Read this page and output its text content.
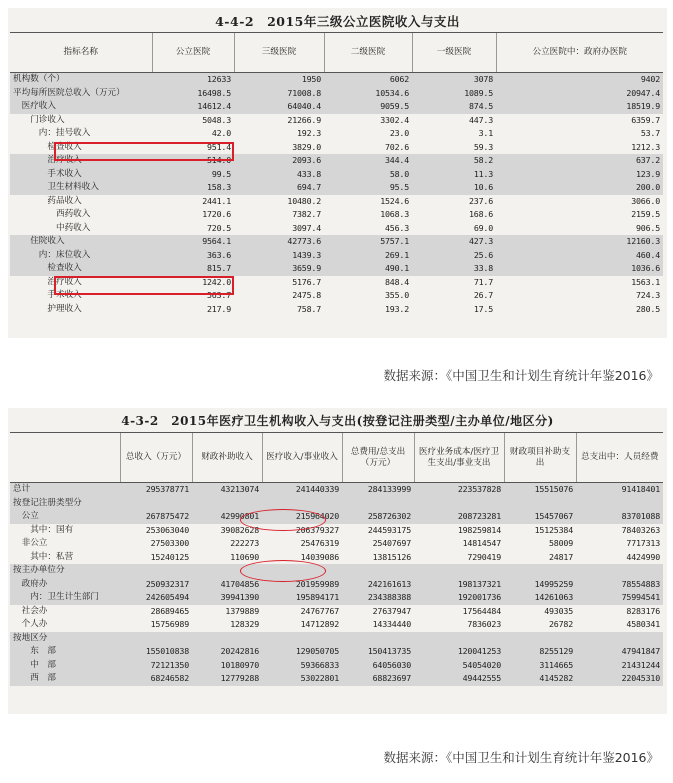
4-4-2　2015年三级公立医院收入与支出
指标名称	公立医院	三级医院	二级医院	一级医院	公立医院中：政府办医院
机构数（个）	12633	1950	6062	3078	9402
平均每所医院总收入（万元）	16498.5	71008.8	10534.6	1089.5	20947.4
　医疗收入	14612.4	64040.4	9059.5	874.5	18519.9
　　门诊收入	5048.3	21266.9	3302.4	447.3	6359.7
　　　内：挂号收入	42.0	192.3	23.0	3.1	53.7
　　　　检查收入	951.4	3829.0	702.6	59.3	1212.3
　　　　治疗收入	514.0	2093.6	344.4	58.2	637.2
　　　　手术收入	99.5	433.8	58.0	11.3	123.9
　　　　卫生材料收入	158.3	694.7	95.5	10.6	200.0
　　　　药品收入	2441.1	10480.2	1524.6	237.6	3066.0
　　　　　西药收入	1720.6	7382.7	1068.3	168.6	2159.5
　　　　　中药收入	720.5	3097.4	456.3	69.0	906.5
　　住院收入	9564.1	42773.6	5757.1	427.3	12160.3
　　　内：床位收入	363.6	1439.3	269.1	25.6	460.4
　　　　检查收入	815.7	3659.9	490.1	33.8	1036.6
　　　　治疗收入	1242.0	5176.7	848.4	71.7	1563.1
　　　　手术收入	563.7	2475.8	355.0	26.7	724.3
　　　　护理收入	217.9	758.7	193.2	17.5	280.5
数据来源：《中国卫生和计划生育统计年鉴2016》
4-3-2　2015年医疗卫生机构收入与支出(按登记注册类型/主办单位/地区分)
	总收入（万元）	财政补助收入	医疗收入/事业收入	总费用/总支出（万元）	医疗业务成本/医疗卫生支出/事业支出	财政项目补助支出	总支出中：人员经费
总计	295378771	43213074	241440339	284133999	223537828	15515076	91418401
按登记注册类型分							
　公立	267875472	42990801	215964020	258726302	208723281	15457067	83701088
　　其中：国有	253063040	39082628	206379327	244593175	198259814	15125384	78403263
　非公立	27503300	222273	25476319	25407697	14814547	58009	7717313
　　其中：私营	15240125	110690	14039086	13815126	7290419	24817	4424990
按主办单位分							
　政府办	250932317	41704856	201959989	242161613	198137321	14995259	78554883
　　内：卫生计生部门	242605494	39941390	195894171	234388388	192001736	14261063	75994541
　社会办	28689465	1379889	24767767	27637947	17564484	493035	8283176
　个人办	15756989	128329	14712892	14334440	7836023	26782	4580341
按地区分							
　　东　部	155010838	20242816	129050705	150413735	120041253	8255129	47941847
　　中　部	72121350	10180970	59366833	64056030	54054020	3114665	21431244
　　西　部	68246582	12779288	53022801	68823697	49442555	4145282	22045310
数据来源：《中国卫生和计划生育统计年鉴2016》
